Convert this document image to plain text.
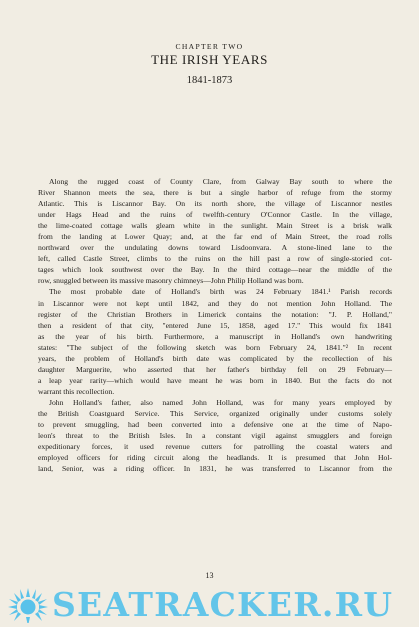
CHAPTER TWO
THE IRISH YEARS
1841-1873
Along the rugged coast of County Clare, from Galway Bay south to where the
River Shannon meets the sea, there is but a single harbor of refuge from the stormy
Atlantic. This is Liscannor Bay. On its north shore, the village of Liscannor nestles
under Hags Head and the ruins of twelfth-century O'Connor Castle. In the village,
the lime-coated cottage walls gleam white in the sunlight. Main Street is a brisk walk
from the landing at Lower Quay; and, at the far end of Main Street, the road rolls
northward over the undulating downs toward Lisdoonvara. A stone-lined lane to the
left, called Castle Street, climbs to the ruins on the hill past a row of single-storied cot-
tages which look southwest over the Bay. In the third cottage—near the middle of the
row, snuggled between its massive masonry chimneys—John Philip Holland was born.
The most probable date of Holland's birth was 24 February 1841.¹ Parish records
in Liscannor were not kept until 1842, and they do not mention John Holland. The
register of the Christian Brothers in Limerick contains the notation: "J. P. Holland,"
then a resident of that city, "entered June 15, 1858, aged 17." This would fix 1841
as the year of his birth. Furthermore, a manuscript in Holland's own handwriting
states: "The subject of the following sketch was born February 24, 1841."² In recent
years, the problem of Holland's birth date was complicated by the recollection of his
daughter Marguerite, who asserted that her father's birthday fell on 29 February—
a leap year rarity—which would have meant he was born in 1840. But the facts do not
warrant this recollection.
John Holland's father, also named John Holland, was for many years employed by
the British Coastguard Service. This Service, organized originally under customs solely
to prevent smuggling, had been converted into a defensive one at the time of Napo-
leon's threat to the British Isles. In a constant vigil against smugglers and foreign
expeditionary forces, it used revenue cutters for patrolling the coastal waters and
employed officers for riding circuit along the headlands. It is presumed that John Hol-
land, Senior, was a riding officer. In 1831, he was transferred to Liscannor from the
13
SEATRACKER.RU
